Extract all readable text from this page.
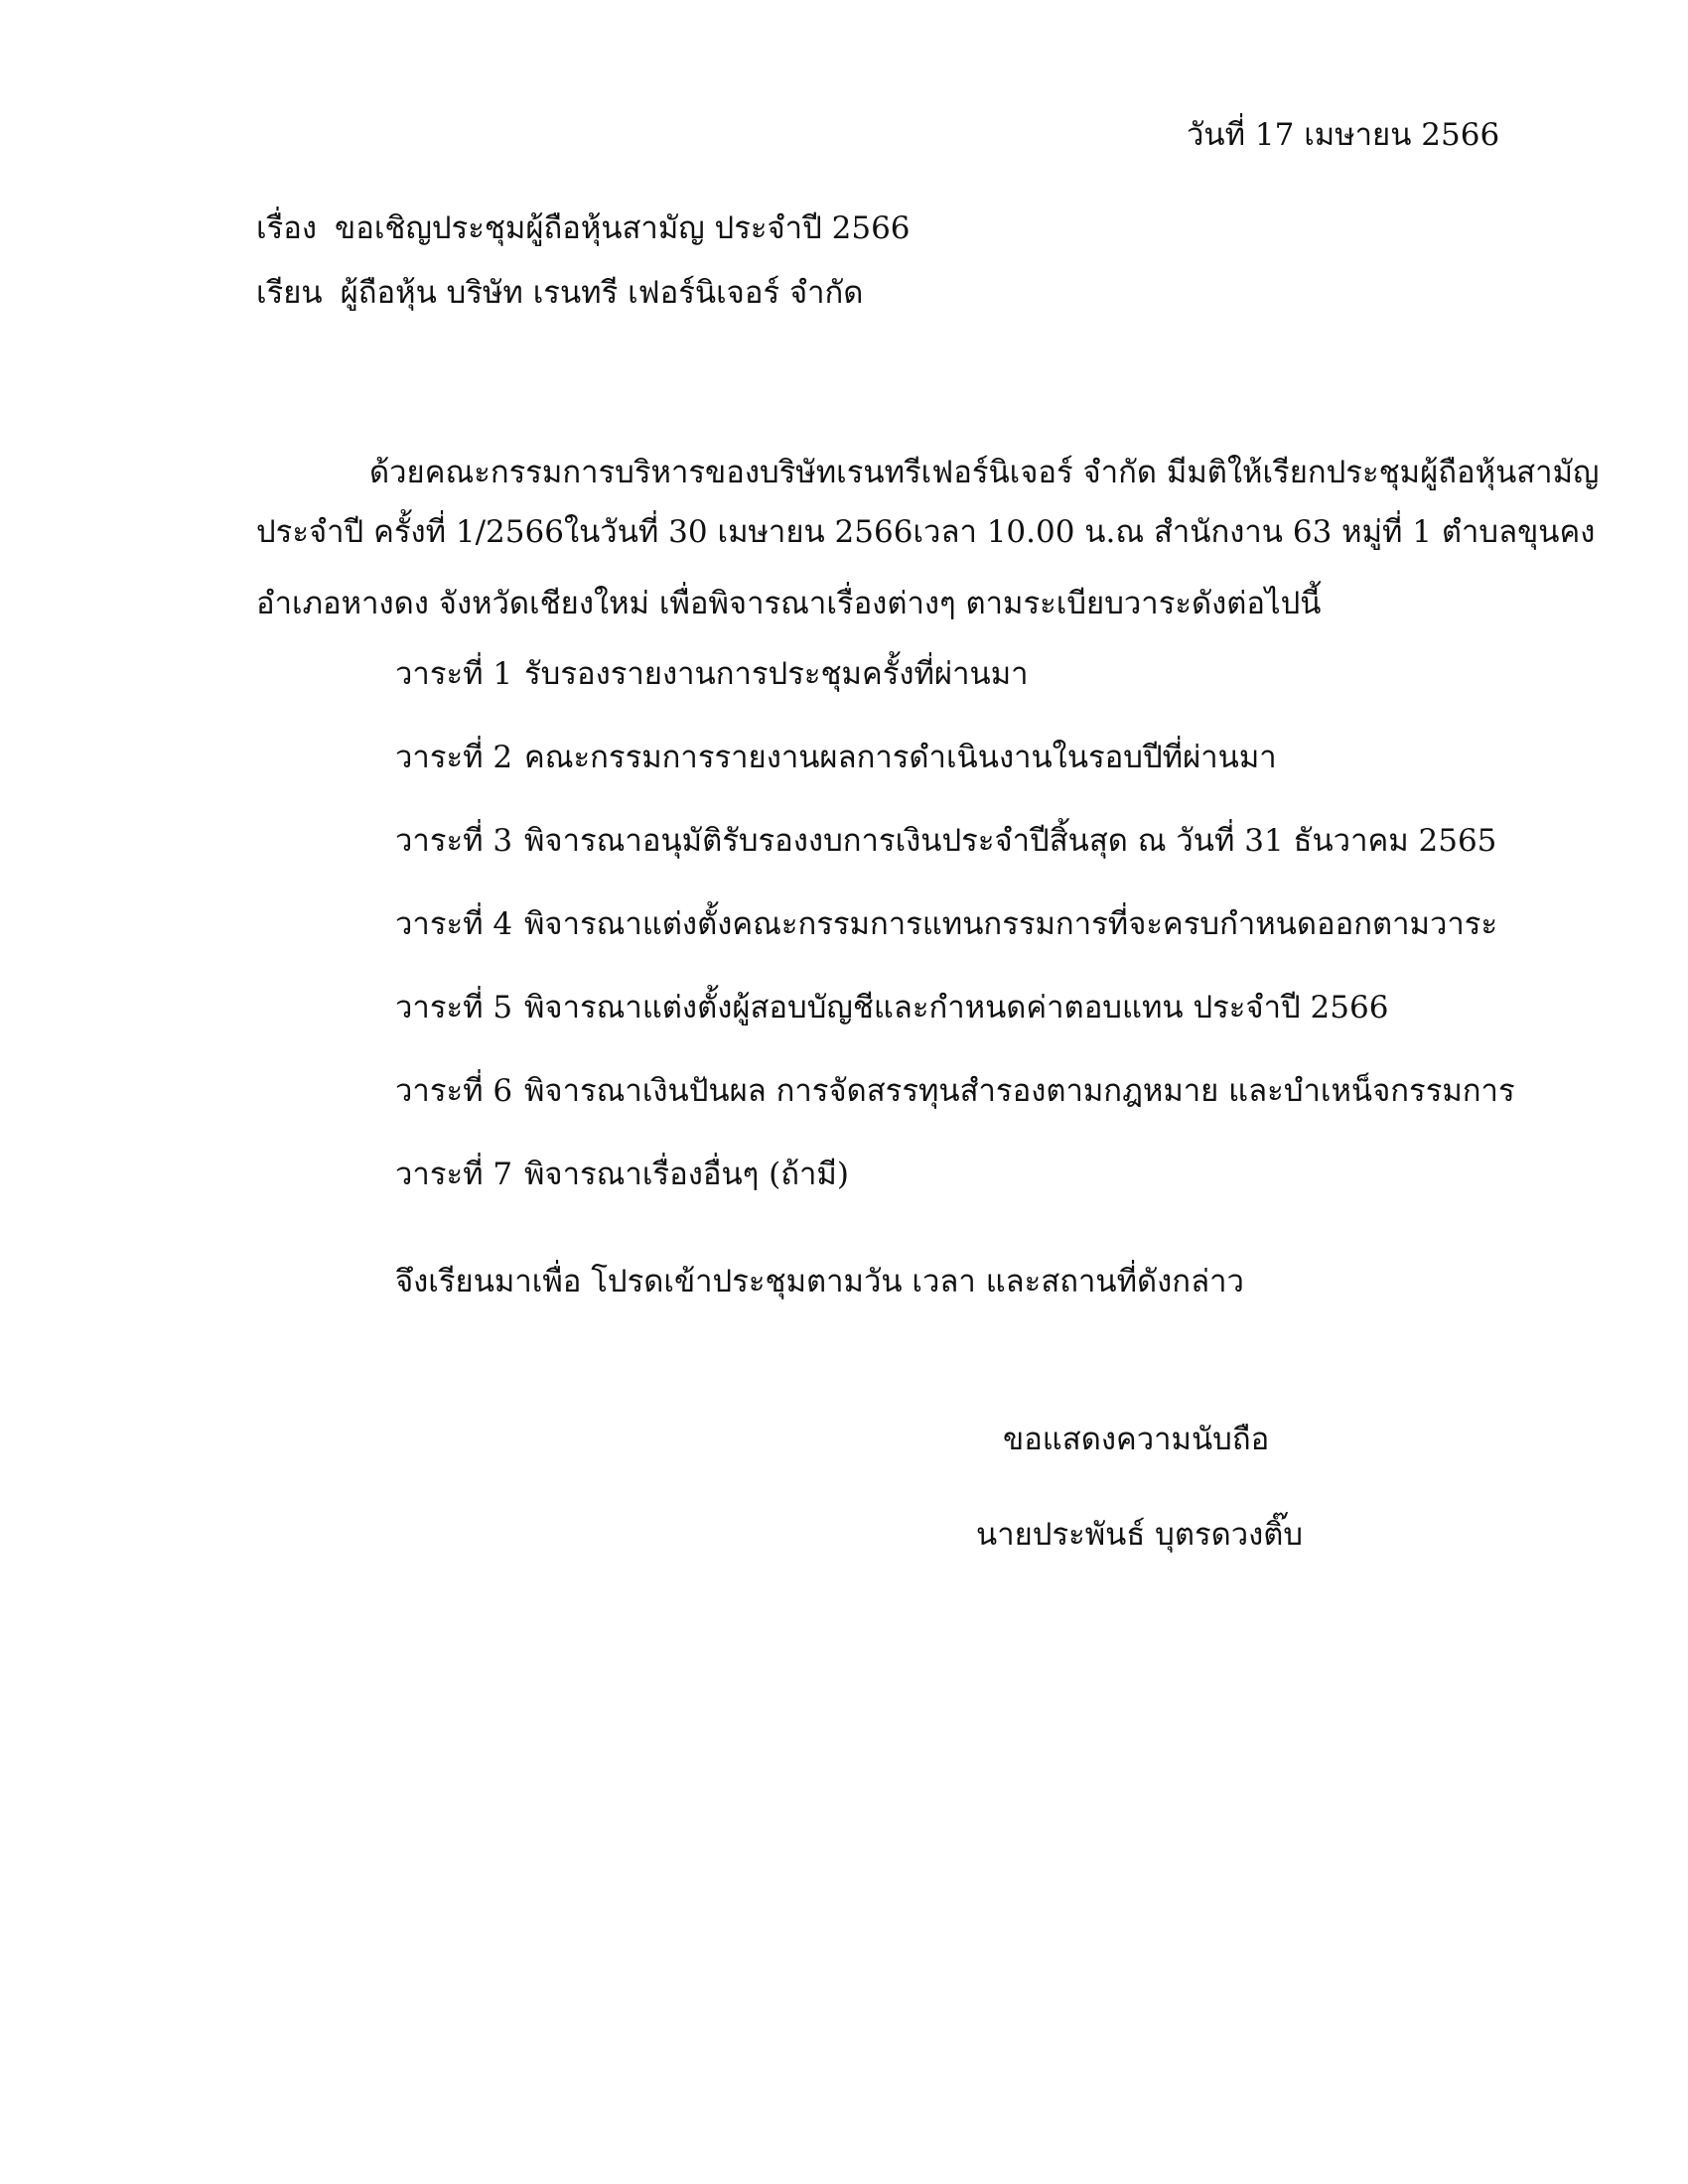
วันที่ 17 เมษายน 2566
เรื่อง ขอเชิญประชุมผู้ถือหุ้นสามัญ ประจำปี 2566
เรียน ผู้ถือหุ้น บริษัท เรนทรี เฟอร์นิเจอร์ จำกัด
ด้วยคณะกรรมการบริหารของบริษัทเรนทรีเฟอร์นิเจอร์ จำกัด มีมติให้เรียกประชุมผู้ถือหุ้นสามัญ
ประจำปี ครั้งที่ 1/2566ในวันที่ 30 เมษายน 2566เวลา 10.00 น.ณ สำนักงาน 63 หมู่ที่ 1 ตำบลขุนคง
อำเภอหางดง จังหวัดเชียงใหม่ เพื่อพิจารณาเรื่องต่างๆ ตามระเบียบวาระดังต่อไปนี้
วาระที่ 1 รับรองรายงานการประชุมครั้งที่ผ่านมา
วาระที่ 2 คณะกรรมการรายงานผลการดำเนินงานในรอบปีที่ผ่านมา
วาระที่ 3 พิจารณาอนุมัติรับรองงบการเงินประจำปีสิ้นสุด ณ วันที่ 31 ธันวาคม 2565
วาระที่ 4 พิจารณาแต่งตั้งคณะกรรมการแทนกรรมการที่จะครบกำหนดออกตามวาระ
วาระที่ 5 พิจารณาแต่งตั้งผู้สอบบัญชีและกำหนดค่าตอบแทน ประจำปี 2566
วาระที่ 6 พิจารณาเงินปันผล การจัดสรรทุนสำรองตามกฎหมาย และบำเหน็จกรรมการ
วาระที่ 7 พิจารณาเรื่องอื่นๆ (ถ้ามี)
จึงเรียนมาเพื่อ โปรดเข้าประชุมตามวัน เวลา และสถานที่ดังกล่าว
ขอแสดงความนับถือ
นายประพันธ์ บุตรดวงติ๊บ
